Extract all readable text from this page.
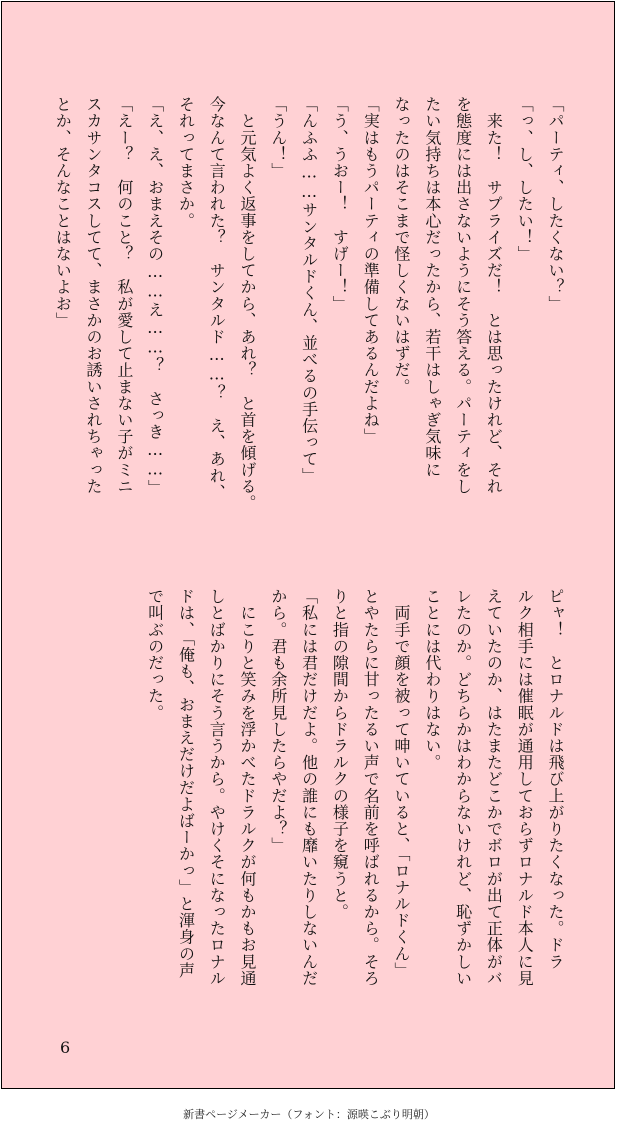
「パーティ、したくない？」
「っ、し、したい！」
　来た！　サプライズだ！　とは思ったけれど、それ
を態度には出さないようにそう答える。パーティをし
たい気持ちは本心だったから、若干はしゃぎ気味に
なったのはそこまで怪しくないはずだ。
「実はもうパーティの準備してあるんだよね」
「う、うおー！　すげー！」
「んふふ……サンタルドくん、並べるの手伝って」
「うん！」
　と元気よく返事をしてから、あれ？　と首を傾げる。
今なんて言われた？　サンタルド……？　え、あれ、
それってまさか。
「え、え、おまえその……え……？　さっき……」
「えー？　何のこと？　私が愛して止まない子がミニ
スカサンタコスしてて、まさかのお誘いされちゃった
とか、そんなことはないよお」
ピャ！　とロナルドは飛び上がりたくなった。ドラ
ルク相手には催眠が通用しておらずロナルド本人に見
えていたのか、はたまたどこかでボロが出て正体がバ
レたのか。どちらかはわからないけれど、恥ずかしい
ことには代わりはない。
　両手で顔を被って呻いていると、「ロナルドくん」
とやたらに甘ったるい声で名前を呼ばれるから。そろ
りと指の隙間からドラルクの様子を窺うと。
「私には君だけだよ。他の誰にも靡いたりしないんだ
から。君も余所見したらやだよ？」
　にこりと笑みを浮かべたドラルクが何もかもお見通
しとばかりにそう言うから。やけくそになったロナル
ドは、「俺も、おまえだけだよばーかっ」と渾身の声
で叫ぶのだった。
6
新書ページメーカー（フォント：源暎こぶり明朝）
